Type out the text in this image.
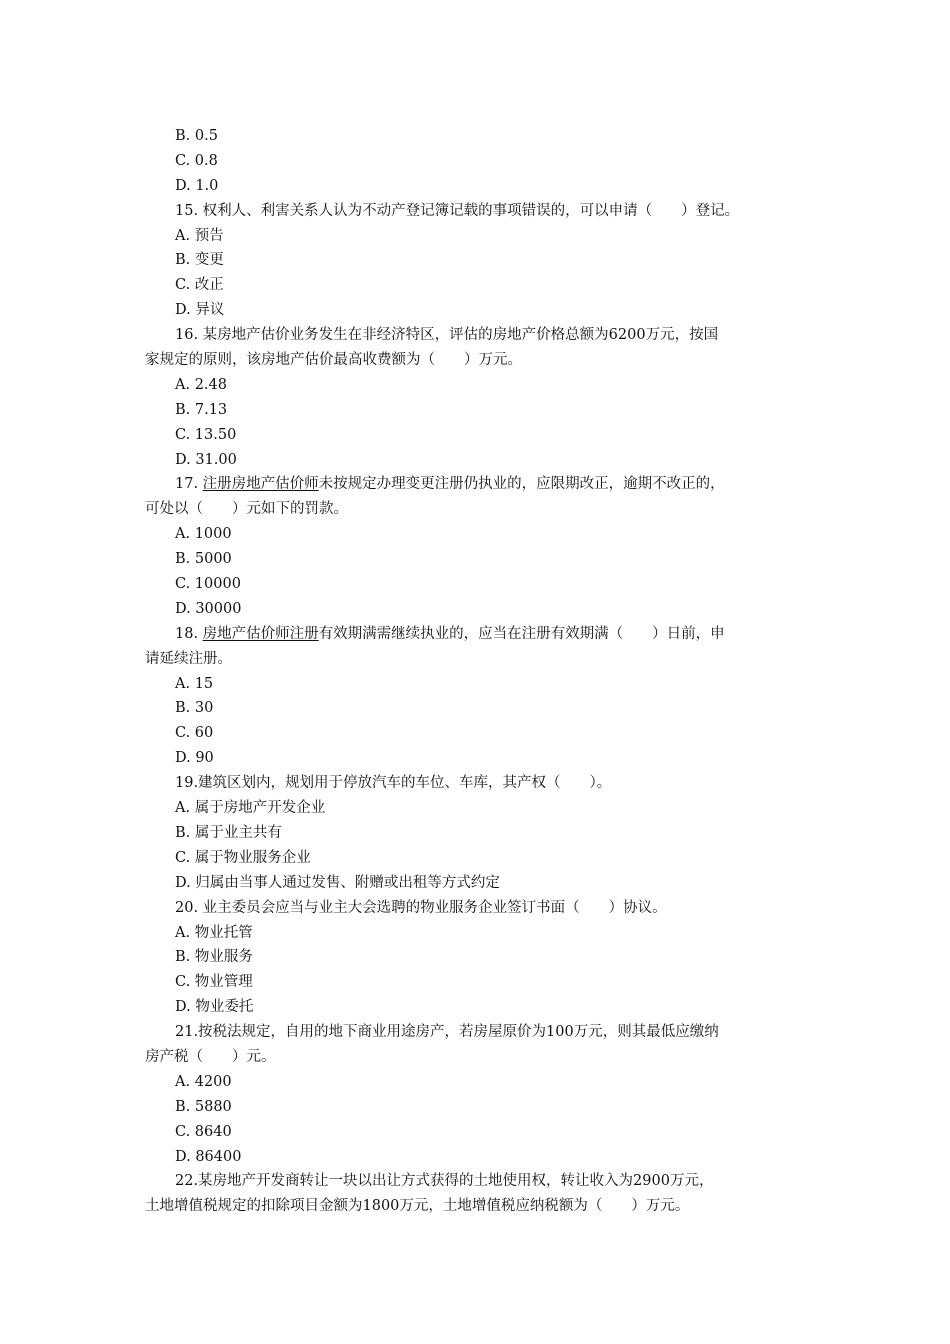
B. 0.5
C. 0.8
D. 1.0
15. 权利人、利害关系人认为不动产登记簿记载的事项错误的，可以申请（　　）登记。
A. 预告
B. 变更
C. 改正
D. 异议
16. 某房地产估价业务发生在非经济特区，评估的房地产价格总额为6200万元，按国
家规定的原则，该房地产估价最高收费额为（　　）万元。
A. 2.48
B. 7.13
C. 13.50
D. 31.00
17. 注册房地产估价师未按规定办理变更注册仍执业的，应限期改正，逾期不改正的，
可处以（　　）元如下的罚款。
A. 1000
B. 5000
C. 10000
D. 30000
18. 房地产估价师注册有效期满需继续执业的，应当在注册有效期满（　　）日前，申
请延续注册。
A. 15
B. 30
C. 60
D. 90
19.建筑区划内，规划用于停放汽车的车位、车库，其产权（　　）。
A. 属于房地产开发企业
B. 属于业主共有
C. 属于物业服务企业
D. 归属由当事人通过发售、附赠或出租等方式约定
20. 业主委员会应当与业主大会选聘的物业服务企业签订书面（　　）协议。
A. 物业托管
B. 物业服务
C. 物业管理
D. 物业委托
21.按税法规定，自用的地下商业用途房产，若房屋原价为100万元，则其最低应缴纳
房产税（　　）元。
A. 4200
B. 5880
C. 8640
D. 86400
22.某房地产开发商转让一块以出让方式获得的土地使用权，转让收入为2900万元，
土地增值税规定的扣除项目金额为1800万元，土地增值税应纳税额为（　　）万元。
